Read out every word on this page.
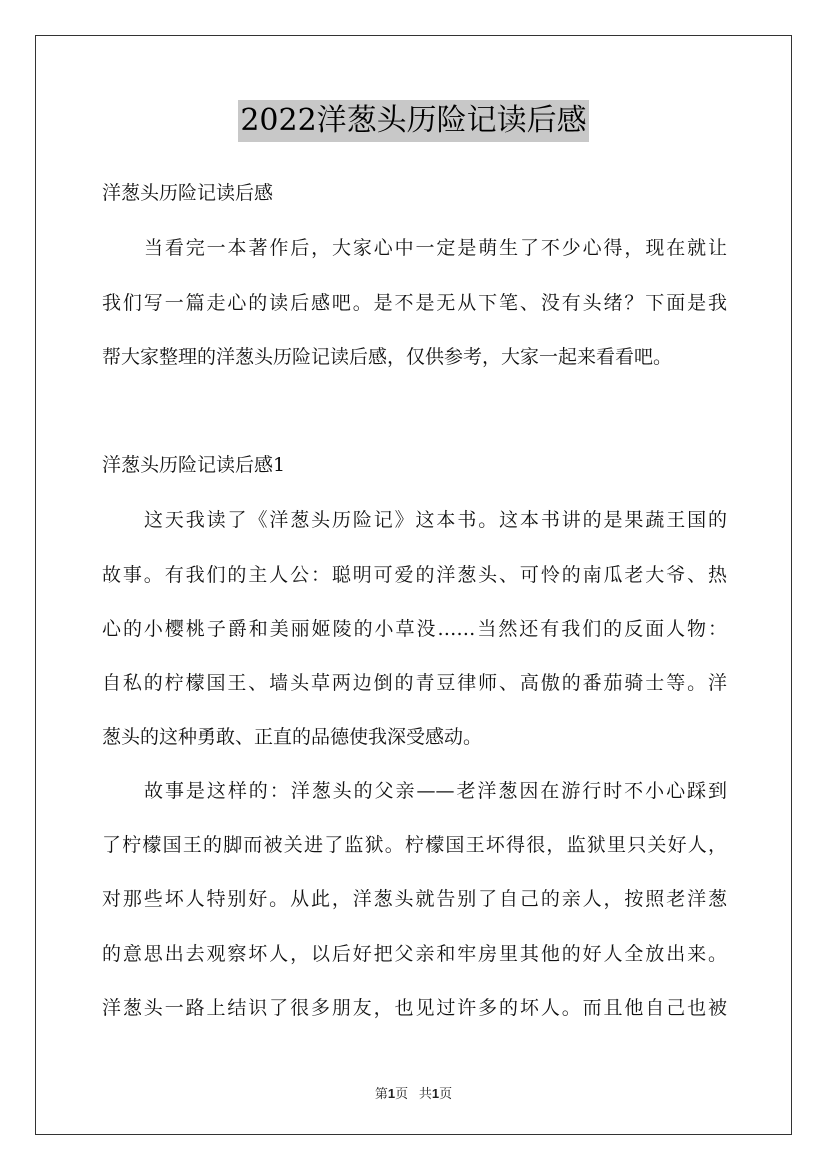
2022洋葱头历险记读后感
洋葱头历险记读后感
当看完一本著作后，大家心中一定是萌生了不少心得，现在就让
我们写一篇走心的读后感吧。是不是无从下笔、没有头绪？下面是我
帮大家整理的洋葱头历险记读后感，仅供参考，大家一起来看看吧。
洋葱头历险记读后感1
这天我读了《洋葱头历险记》这本书。这本书讲的是果蔬王国的
故事。有我们的主人公：聪明可爱的洋葱头、可怜的南瓜老大爷、热
心的小樱桃子爵和美丽姬陵的小草没……当然还有我们的反面人物：
自私的柠檬国王、墙头草两边倒的青豆律师、高傲的番茄骑士等。洋
葱头的这种勇敢、正直的品德使我深受感动。
故事是这样的：洋葱头的父亲——老洋葱因在游行时不小心踩到
了柠檬国王的脚而被关进了监狱。柠檬国王坏得很，监狱里只关好人，
对那些坏人特别好。从此，洋葱头就告别了自己的亲人，按照老洋葱
的意思出去观察坏人，以后好把父亲和牢房里其他的好人全放出来。
洋葱头一路上结识了很多朋友，也见过许多的坏人。而且他自己也被
第1页   共1页
